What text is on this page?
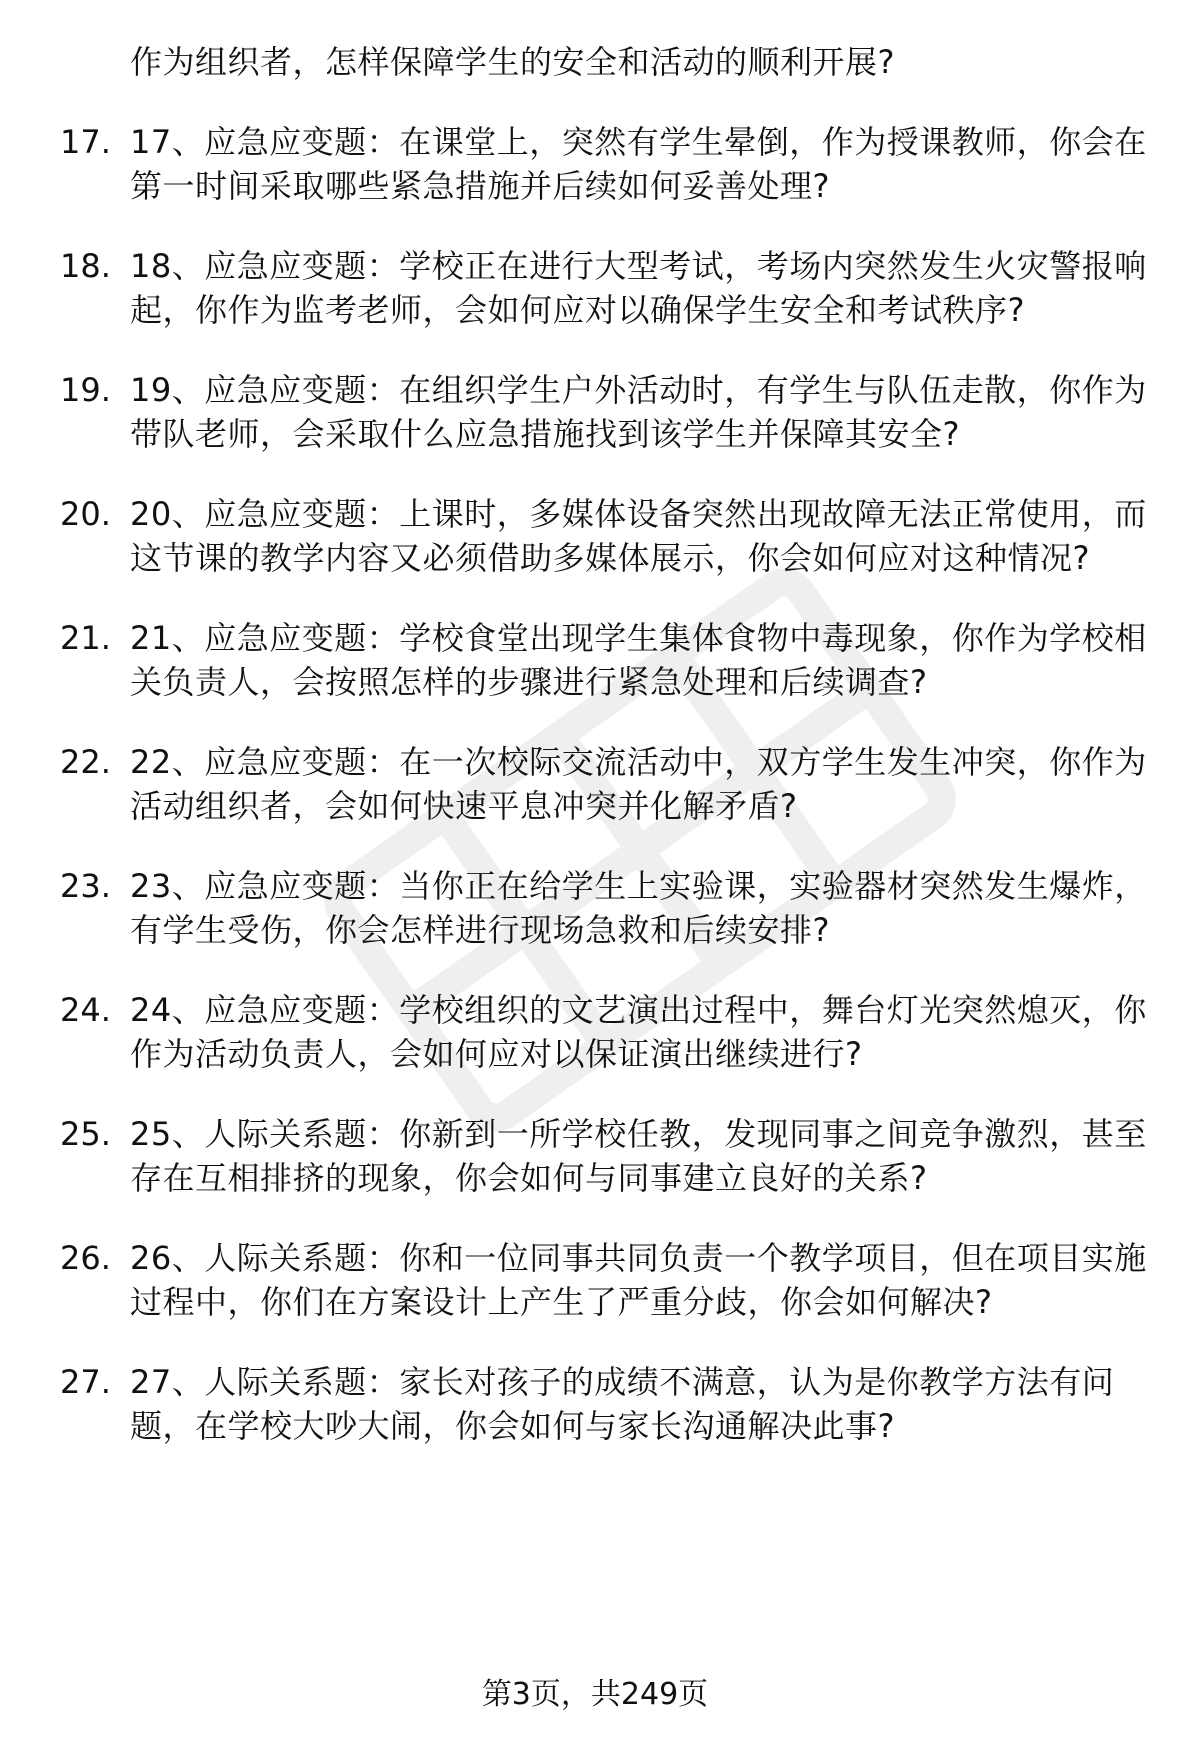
作为组织者，怎样保障学生的安全和活动的顺利开展?
17. 17、应急应变题：在课堂上，突然有学生晕倒，作为授课教师，你会在第一时间采取哪些紧急措施并后续如何妥善处理?
18. 18、应急应变题：学校正在进行大型考试，考场内突然发生火灾警报响起，你作为监考老师，会如何应对以确保学生安全和考试秩序?
19. 19、应急应变题：在组织学生户外活动时，有学生与队伍走散，你作为带队老师，会采取什么应急措施找到该学生并保障其安全?
20. 20、应急应变题：上课时，多媒体设备突然出现故障无法正常使用，而这节课的教学内容又必须借助多媒体展示，你会如何应对这种情况?
21. 21、应急应变题：学校食堂出现学生集体食物中毒现象，你作为学校相关负责人，会按照怎样的步骤进行紧急处理和后续调查?
22. 22、应急应变题：在一次校际交流活动中，双方学生发生冲突，你作为活动组织者，会如何快速平息冲突并化解矛盾?
23. 23、应急应变题：当你正在给学生上实验课，实验器材突然发生爆炸，有学生受伤，你会怎样进行现场急救和后续安排?
24. 24、应急应变题：学校组织的文艺演出过程中，舞台灯光突然熄灭，你作为活动负责人，会如何应对以保证演出继续进行?
25. 25、人际关系题：你新到一所学校任教，发现同事之间竞争激烈，甚至存在互相排挤的现象，你会如何与同事建立良好的关系?
26. 26、人际关系题：你和一位同事共同负责一个教学项目，但在项目实施过程中，你们在方案设计上产生了严重分歧，你会如何解决?
27. 27、人际关系题：家长对孩子的成绩不满意，认为是你教学方法有问题，在学校大吵大闹，你会如何与家长沟通解决此事?
第3页，共249页
